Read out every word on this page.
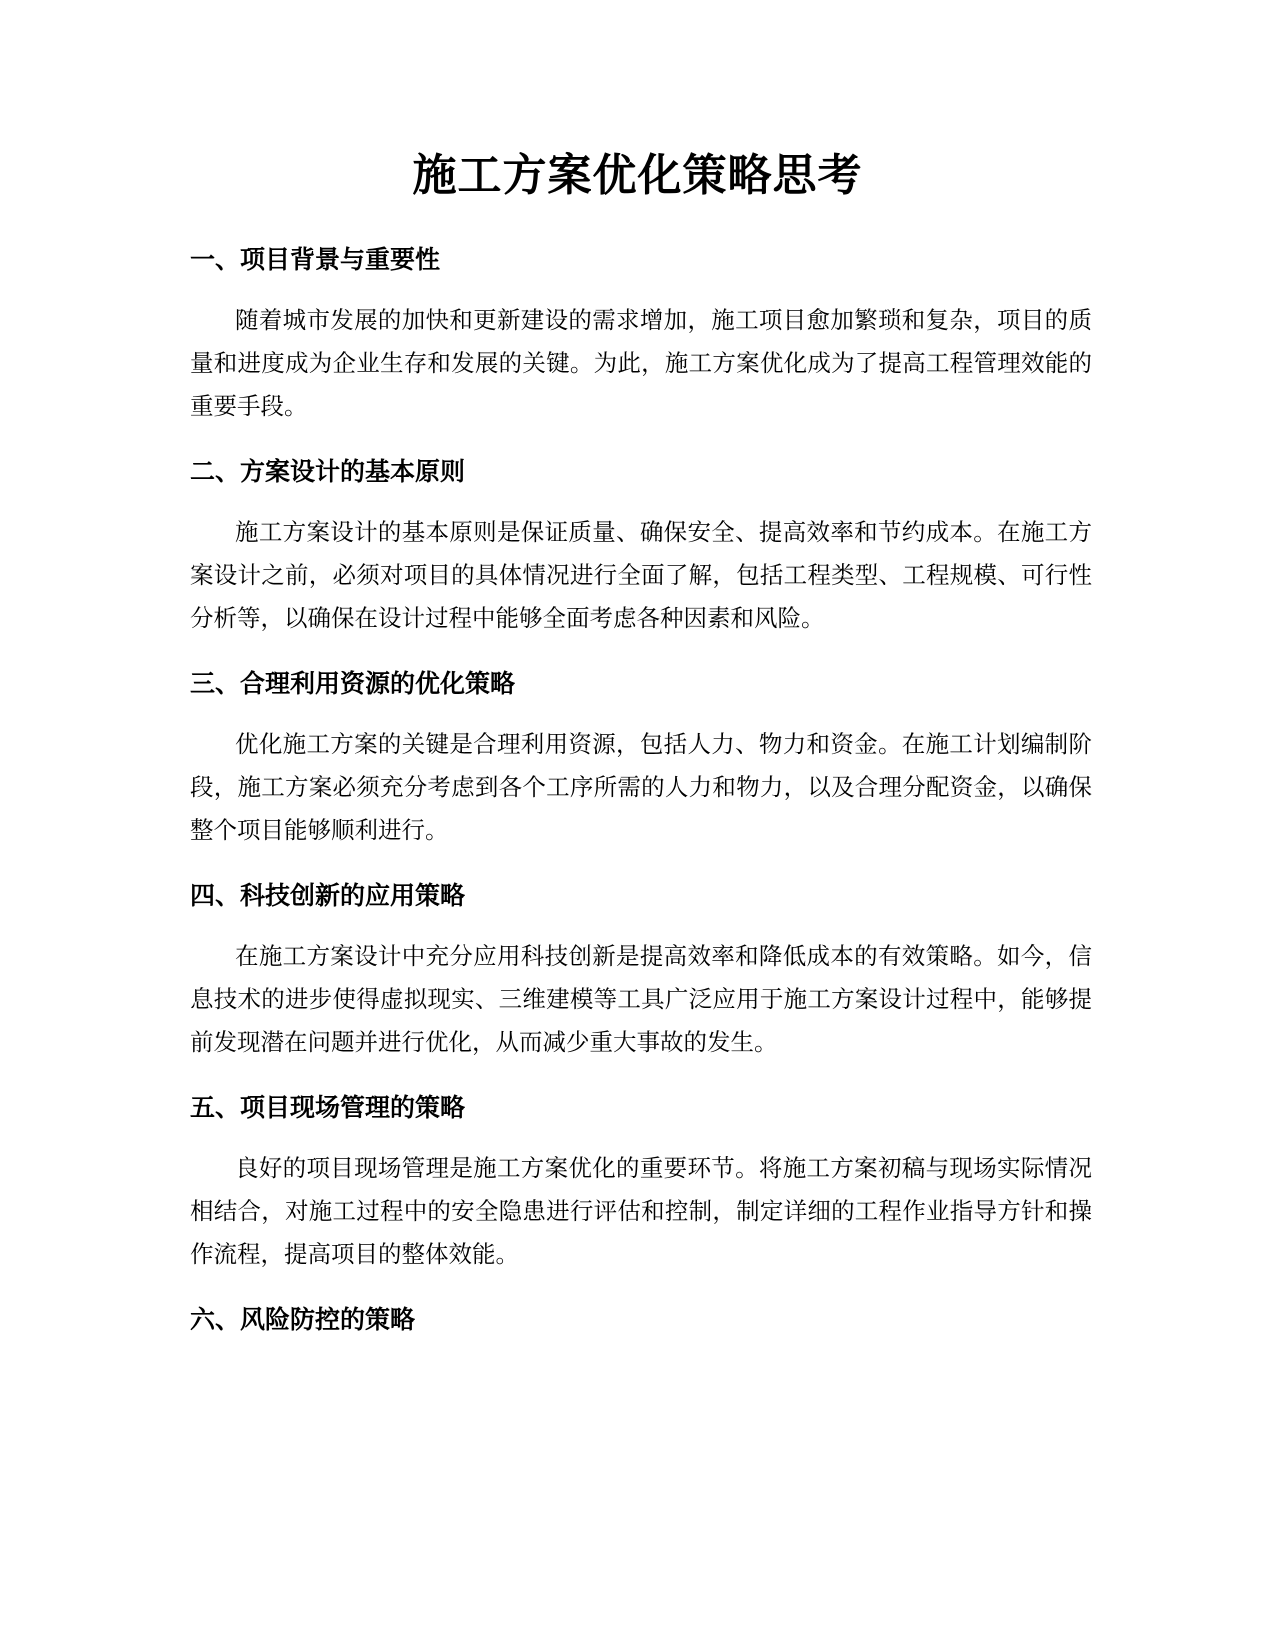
施工方案优化策略思考
一、项目背景与重要性

随着城市发展的加快和更新建设的需求增加，施工项目愈加繁琐和复杂，项目的质量和进度成为企业生存和发展的关键。为此，施工方案优化成为了提高工程管理效能的重要手段。

二、方案设计的基本原则

施工方案设计的基本原则是保证质量、确保安全、提高效率和节约成本。在施工方案设计之前，必须对项目的具体情况进行全面了解，包括工程类型、工程规模、可行性分析等，以确保在设计过程中能够全面考虑各种因素和风险。

三、合理利用资源的优化策略

优化施工方案的关键是合理利用资源，包括人力、物力和资金。在施工计划编制阶段，施工方案必须充分考虑到各个工序所需的人力和物力，以及合理分配资金，以确保整个项目能够顺利进行。

四、科技创新的应用策略

在施工方案设计中充分应用科技创新是提高效率和降低成本的有效策略。如今，信息技术的进步使得虚拟现实、三维建模等工具广泛应用于施工方案设计过程中，能够提前发现潜在问题并进行优化，从而减少重大事故的发生。

五、项目现场管理的策略

良好的项目现场管理是施工方案优化的重要环节。将施工方案初稿与现场实际情况相结合，对施工过程中的安全隐患进行评估和控制，制定详细的工程作业指导方针和操作流程，提高项目的整体效能。

六、风险防控的策略
